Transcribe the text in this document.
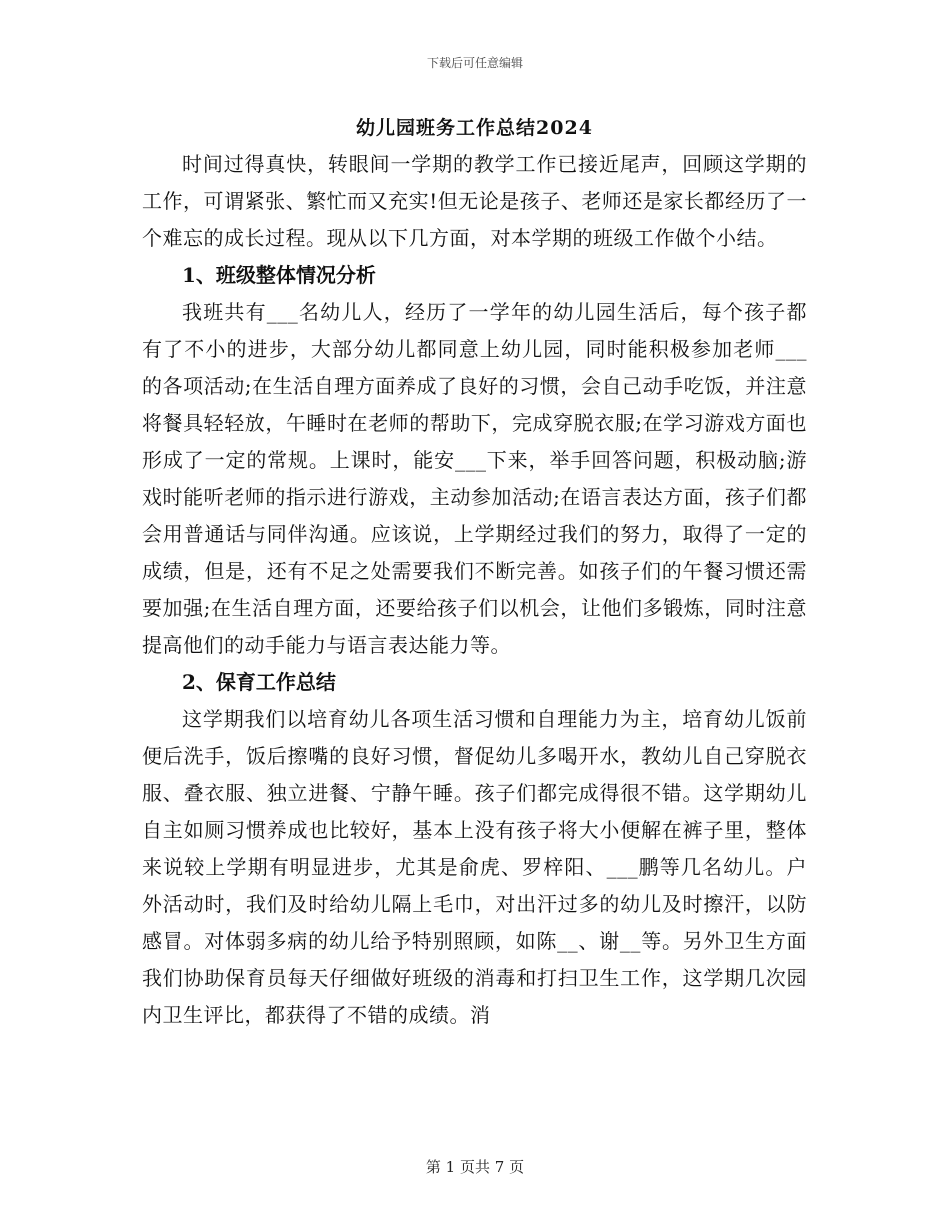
下载后可任意编辑
幼儿园班务工作总结2024

时间过得真快，转眼间一学期的教学工作已接近尾声，回顾这学期的工作，可谓紧张、繁忙而又充实!但无论是孩子、老师还是家长都经历了一个难忘的成长过程。现从以下几方面，对本学期的班级工作做个小结。

1、班级整体情况分析

我班共有___名幼儿人，经历了一学年的幼儿园生活后，每个孩子都有了不小的进步，大部分幼儿都同意上幼儿园，同时能积极参加老师___的各项活动;在生活自理方面养成了良好的习惯，会自己动手吃饭，并注意将餐具轻轻放，午睡时在老师的帮助下，完成穿脱衣服;在学习游戏方面也形成了一定的常规。上课时，能安___下来，举手回答问题，积极动脑;游戏时能听老师的指示进行游戏，主动参加活动;在语言表达方面，孩子们都会用普通话与同伴沟通。应该说，上学期经过我们的努力，取得了一定的成绩，但是，还有不足之处需要我们不断完善。如孩子们的午餐习惯还需要加强;在生活自理方面，还要给孩子们以机会，让他们多锻炼，同时注意提高他们的动手能力与语言表达能力等。

2、保育工作总结

这学期我们以培育幼儿各项生活习惯和自理能力为主，培育幼儿饭前便后洗手，饭后擦嘴的良好习惯，督促幼儿多喝开水，教幼儿自己穿脱衣服、叠衣服、独立进餐、宁静午睡。孩子们都完成得很不错。这学期幼儿自主如厕习惯养成也比较好，基本上没有孩子将大小便解在裤子里，整体来说较上学期有明显进步，尤其是俞虎、罗梓阳、___鹏等几名幼儿。户外活动时，我们及时给幼儿隔上毛巾，对出汗过多的幼儿及时擦汗，以防感冒。对体弱多病的幼儿给予特别照顾，如陈__、谢__等。另外卫生方面我们协助保育员每天仔细做好班级的消毒和打扫卫生工作，这学期几次园内卫生评比，都获得了不错的成绩。消

第 1 页共 7 页
